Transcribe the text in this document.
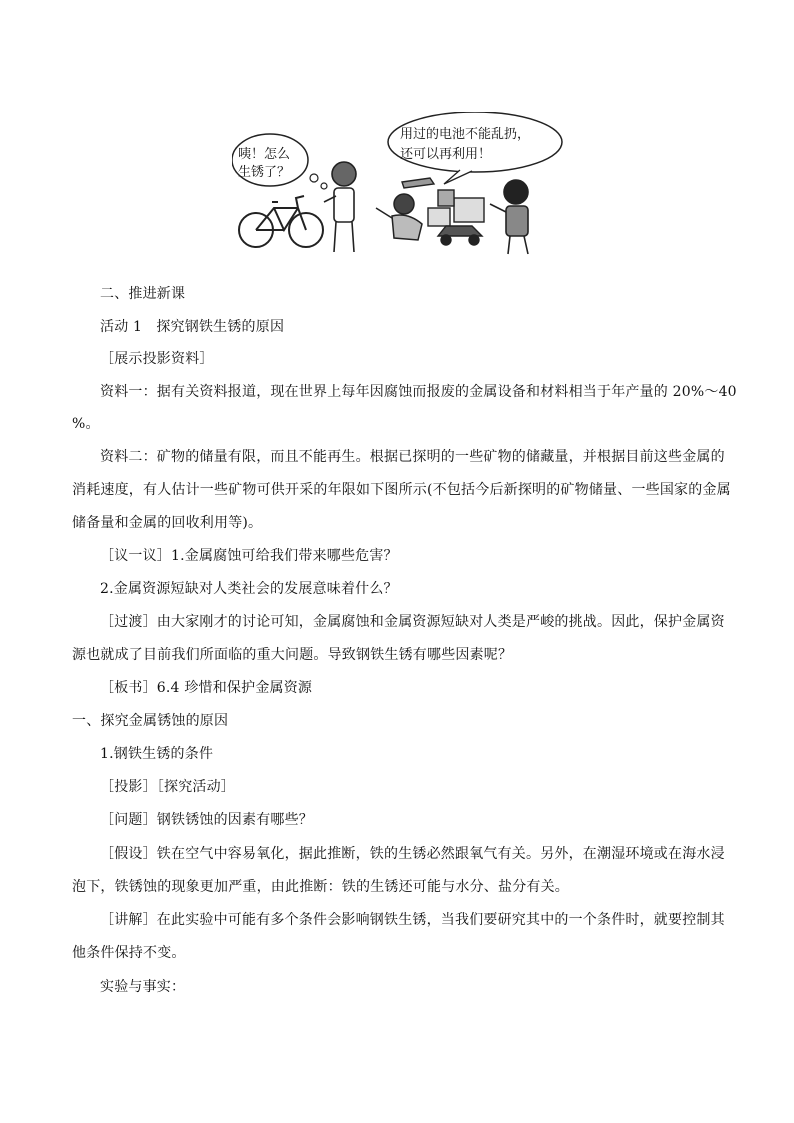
咦！怎么
生锈了？
用过的电池不能乱扔，
还可以再利用！
二、推进新课
活动 1　探究钢铁生锈的原因
［展示投影资料］
资料一：据有关资料报道，现在世界上每年因腐蚀而报废的金属设备和材料相当于年产量的 20%～40
%。
资料二：矿物的储量有限，而且不能再生。根据已探明的一些矿物的储藏量，并根据目前这些金属的
消耗速度，有人估计一些矿物可供开采的年限如下图所示(不包括今后新探明的矿物储量、一些国家的金属
储备量和金属的回收利用等)。
［议一议］1.金属腐蚀可给我们带来哪些危害？
2.金属资源短缺对人类社会的发展意味着什么？
［过渡］由大家刚才的讨论可知，金属腐蚀和金属资源短缺对人类是严峻的挑战。因此，保护金属资
源也就成了目前我们所面临的重大问题。导致钢铁生锈有哪些因素呢？
［板书］6.4 珍惜和保护金属资源
一、探究金属锈蚀的原因
1.钢铁生锈的条件
［投影］［探究活动］
［问题］钢铁锈蚀的因素有哪些？
［假设］铁在空气中容易氧化，据此推断，铁的生锈必然跟氧气有关。另外，在潮湿环境或在海水浸
泡下，铁锈蚀的现象更加严重，由此推断：铁的生锈还可能与水分、盐分有关。
［讲解］在此实验中可能有多个条件会影响钢铁生锈，当我们要研究其中的一个条件时，就要控制其
他条件保持不变。
实验与事实：
